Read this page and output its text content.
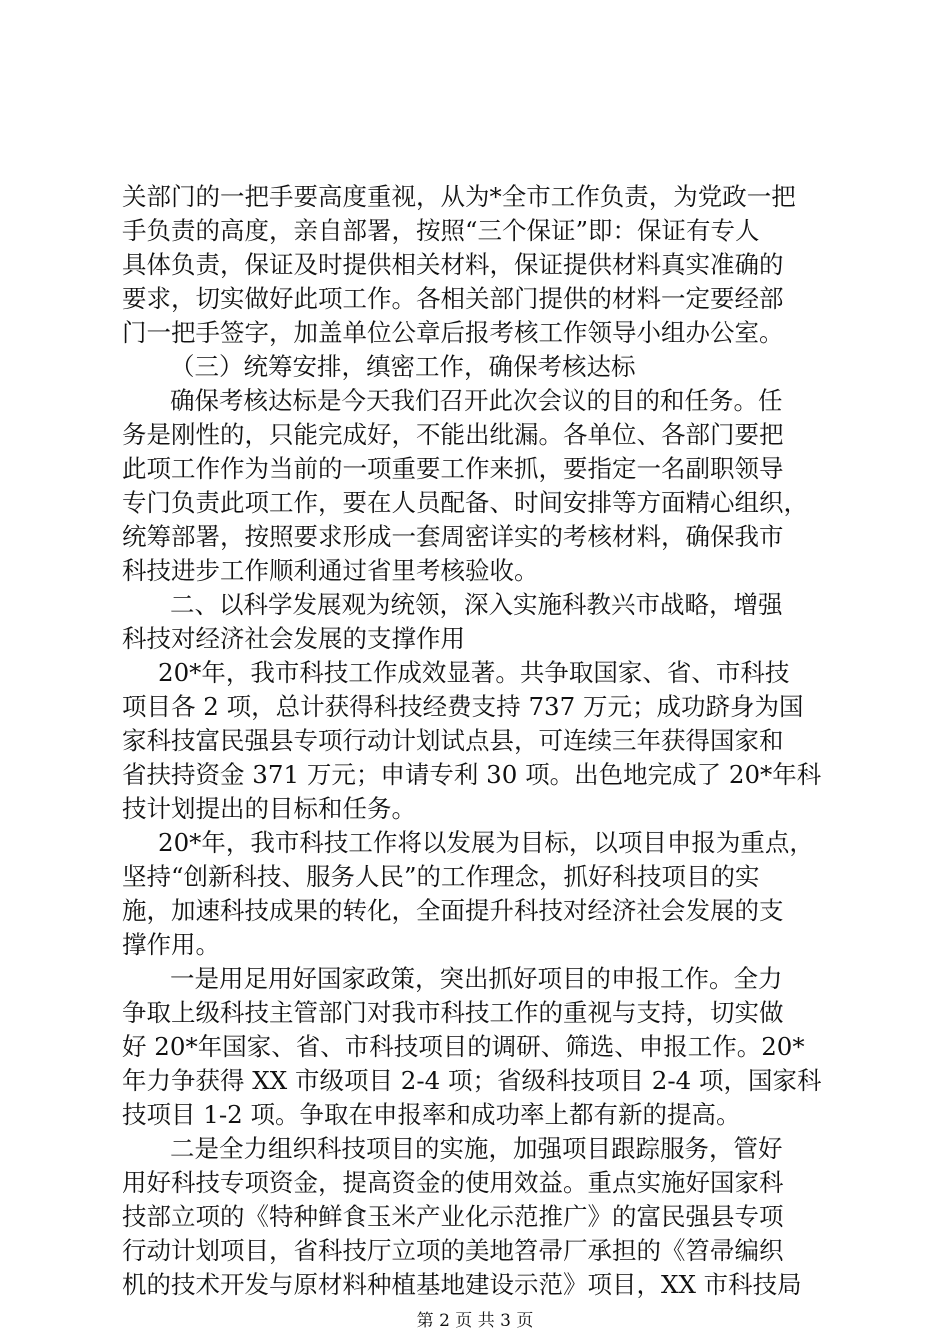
关部门的一把手要高度重视，从为*全市工作负责，为党政一把
手负责的高度，亲自部署，按照“三个保证”即：保证有专人
具体负责，保证及时提供相关材料，保证提供材料真实准确的
要求，切实做好此项工作。各相关部门提供的材料一定要经部
门一把手签字，加盖单位公章后报考核工作领导小组办公室。
（三）统筹安排，缜密工作，确保考核达标
确保考核达标是今天我们召开此次会议的目的和任务。任
务是刚性的，只能完成好，不能出纰漏。各单位、各部门要把
此项工作作为当前的一项重要工作来抓，要指定一名副职领导
专门负责此项工作，要在人员配备、时间安排等方面精心组织，
统筹部署，按照要求形成一套周密详实的考核材料，确保我市
科技进步工作顺利通过省里考核验收。
二、以科学发展观为统领，深入实施科教兴市战略，增强
科技对经济社会发展的支撑作用
20*年，我市科技工作成效显著。共争取国家、省、市科技
项目各 2 项，总计获得科技经费支持 737 万元；成功跻身为国
家科技富民强县专项行动计划试点县，可连续三年获得国家和
省扶持资金 371 万元；申请专利 30 项。出色地完成了 20*年科
技计划提出的目标和任务。
20*年，我市科技工作将以发展为目标，以项目申报为重点，
坚持“创新科技、服务人民”的工作理念，抓好科技项目的实
施，加速科技成果的转化，全面提升科技对经济社会发展的支
撑作用。
一是用足用好国家政策，突出抓好项目的申报工作。全力
争取上级科技主管部门对我市科技工作的重视与支持，切实做
好 20*年国家、省、市科技项目的调研、筛选、申报工作。20*
年力争获得 XX 市级项目 2-4 项；省级科技项目 2-4 项，国家科
技项目 1-2 项。争取在申报率和成功率上都有新的提高。
二是全力组织科技项目的实施，加强项目跟踪服务，管好
用好科技专项资金，提高资金的使用效益。重点实施好国家科
技部立项的《特种鲜食玉米产业化示范推广》的富民强县专项
行动计划项目，省科技厅立项的美地笤帚厂承担的《笤帚编织
机的技术开发与原材料种植基地建设示范》项目，XX 市科技局
第 2 页 共 3 页
